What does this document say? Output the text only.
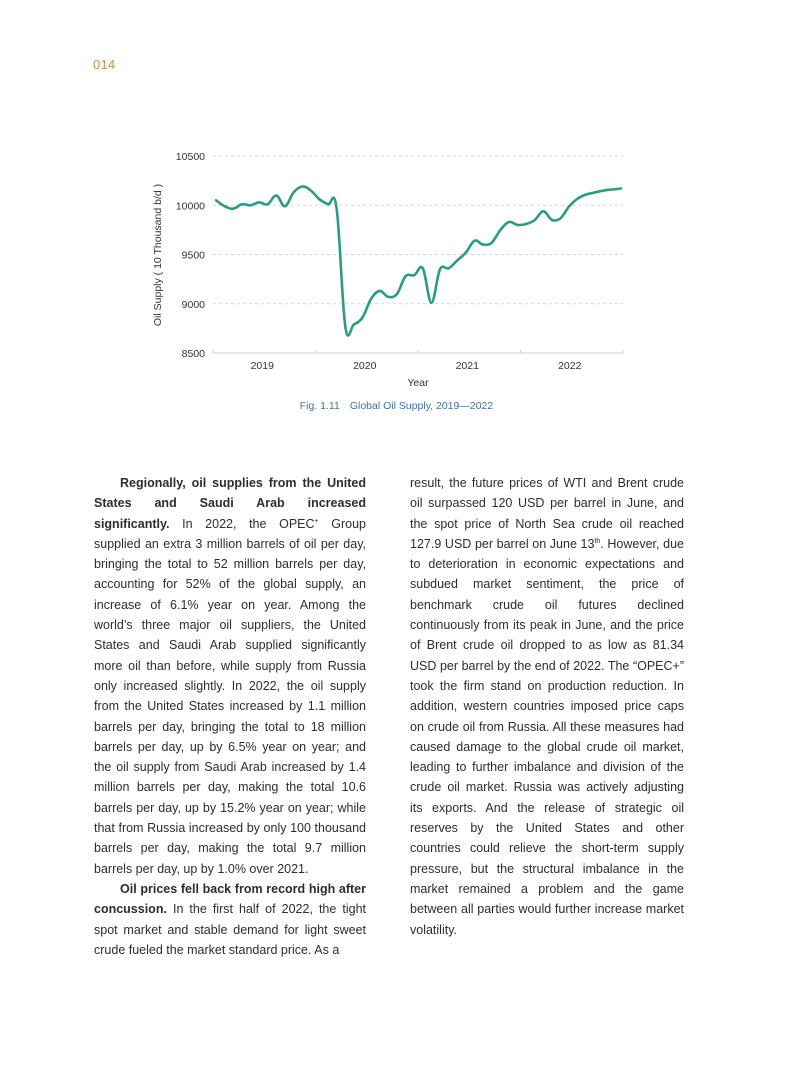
014
8500
9000
9500
10000
10500
2019	2020	2021	2022
Oil Supply ( 10 Thousand b/d )
Year
Fig. 1.11 Global Oil Supply, 2019—2022

Regionally, oil supplies from the United States and Saudi Arab increased significantly. In 2022, the OPEC+ Group supplied an extra 3 million barrels of oil per day, bringing the total to 52 million barrels per day, accounting for 52% of the global supply, an increase of 6.1% year on year. Among the world’s three major oil suppliers, the United States and Saudi Arab supplied significantly more oil than before, while supply from Russia only increased slightly. In 2022, the oil supply from the United States increased by 1.1 million barrels per day, bringing the total to 18 million barrels per day, up by 6.5% year on year; and the oil supply from Saudi Arab increased by 1.4 million barrels per day, making the total 10.6 barrels per day, up by 15.2% year on year; while that from Russia increased by only 100 thousand barrels per day, making the total 9.7 million barrels per day, up by 1.0% over 2021.

Oil prices fell back from record high after concussion. In the first half of 2022, the tight spot market and stable demand for light sweet crude fueled the market standard price. As a

result, the future prices of WTI and Brent crude oil surpassed 120 USD per barrel in June, and the spot price of North Sea crude oil reached 127.9 USD per barrel on June 13th. However, due to deterioration in economic expectations and subdued market sentiment, the price of benchmark crude oil futures declined continuously from its peak in June, and the price of Brent crude oil dropped to as low as 81.34 USD per barrel by the end of 2022. The “OPEC+” took the firm stand on production reduction. In addition, western countries imposed price caps on crude oil from Russia. All these measures had caused damage to the global crude oil market, leading to further imbalance and division of the crude oil market. Russia was actively adjusting its exports. And the release of strategic oil reserves by the United States and other countries could relieve the short-term supply pressure, but the structural imbalance in the market remained a problem and the game between all parties would further increase market volatility.
